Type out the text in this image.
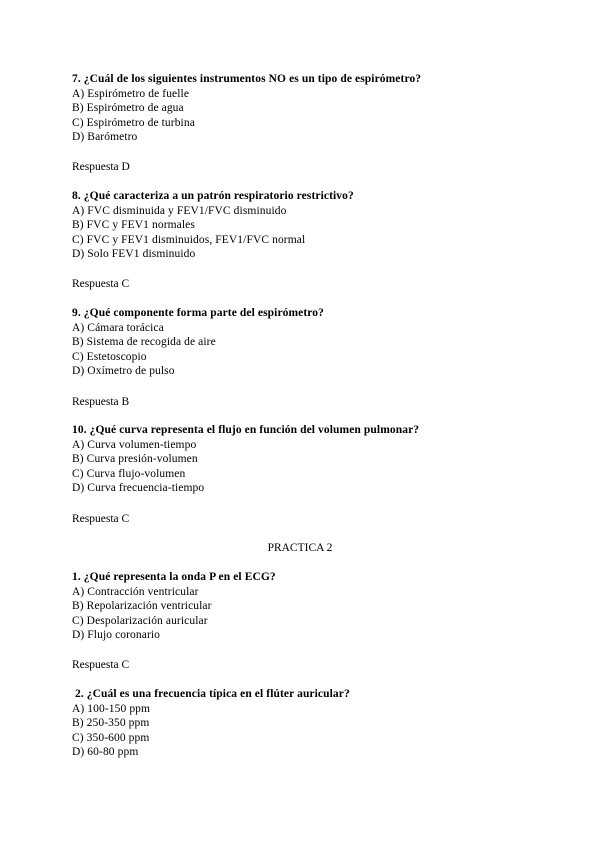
7. ¿Cuál de los siguientes instrumentos NO es un tipo de espirómetro?
A) Espirómetro de fuelle
B) Espirómetro de agua
C) Espirómetro de turbina
D) Barómetro
Respuesta D
8. ¿Qué caracteriza a un patrón respiratorio restrictivo?
A) FVC disminuida y FEV1/FVC disminuido
B) FVC y FEV1 normales
C) FVC y FEV1 disminuidos, FEV1/FVC normal
D) Solo FEV1 disminuido
Respuesta C
9. ¿Qué componente forma parte del espirómetro?
A) Cámara torácica
B) Sistema de recogida de aire
C) Estetoscopio
D) Oxímetro de pulso
Respuesta B
10. ¿Qué curva representa el flujo en función del volumen pulmonar?
A) Curva volumen-tiempo
B) Curva presión-volumen
C) Curva flujo-volumen
D) Curva frecuencia-tiempo
Respuesta C
PRACTICA 2
1. ¿Qué representa la onda P en el ECG?
A) Contracción ventricular
B) Repolarización ventricular
C) Despolarización auricular
D) Flujo coronario
Respuesta C
2. ¿Cuál es una frecuencia típica en el flúter auricular?
A) 100-150 ppm
B) 250-350 ppm
C) 350-600 ppm
D) 60-80 ppm
